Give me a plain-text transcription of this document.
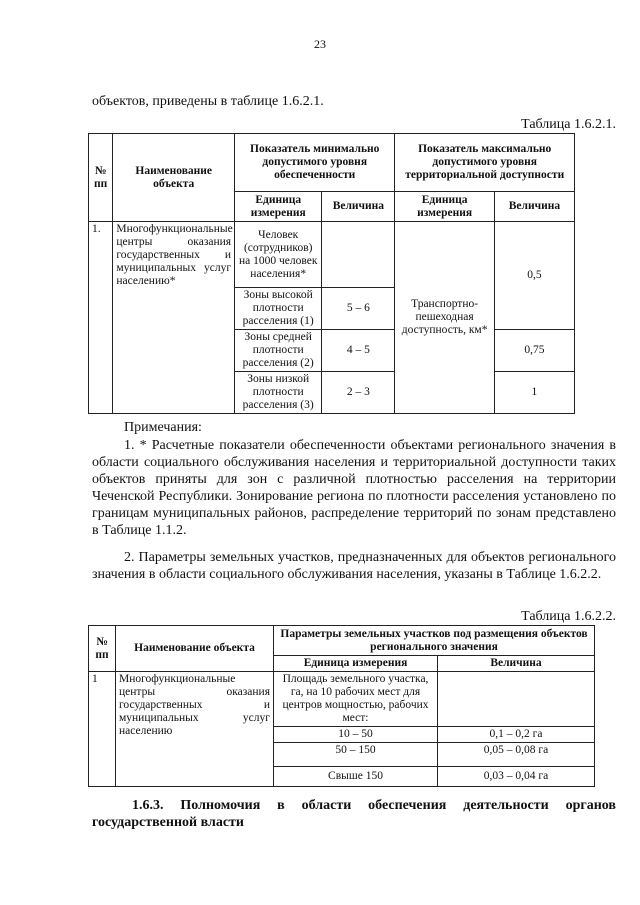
23
объектов, приведены в таблице 1.6.2.1.
Таблица 1.6.2.1.
№ пп	Наименование объекта	Показатель минимально допустимого уровня обеспеченности		Показатель максимально допустимого уровня территориальной доступности	
		Единица измерения	Величина	Единица измерения	Величина
1.	Многофункциональные центры оказания государственных и муниципальных услуг населению*	Человек (сотрудников) на 1000 человек населения*		Транспортно-пешеходная доступность, км*	0,5
		Зоны высокой плотности расселения (1)	5 – 6		
		Зоны средней плотности расселения (2)	4 – 5		0,75
		Зоны низкой плотности расселения (3)	2 – 3		1
Примечания:
1. * Расчетные показатели обеспеченности объектами регионального значения в области социального обслуживания населения и территориальной доступности таких объектов приняты для зон с различной плотностью расселения на территории Чеченской Республики. Зонирование региона по плотности расселения установлено по границам муниципальных районов, распределение территорий по зонам представлено в Таблице 1.1.2.
2. Параметры земельных участков, предназначенных для объектов регионального значения в области социального обслуживания населения, указаны в Таблице 1.6.2.2.
Таблица 1.6.2.2.
№ пп	Наименование объекта	Параметры земельных участков под размещения объектов регионального значения	
		Единица измерения	Величина
1	Многофункциональные центры оказания государственных и муниципальных услуг населению	Площадь земельного участка, га, на 10 рабочих мест для центров мощностью, рабочих мест:	
		10 – 50	0,1 – 0,2 га
		50 – 150	0,05 – 0,08 га
		Свыше 150	0,03 – 0,04 га
1.6.3. Полномочия в области обеспечения деятельности органов государственной власти
